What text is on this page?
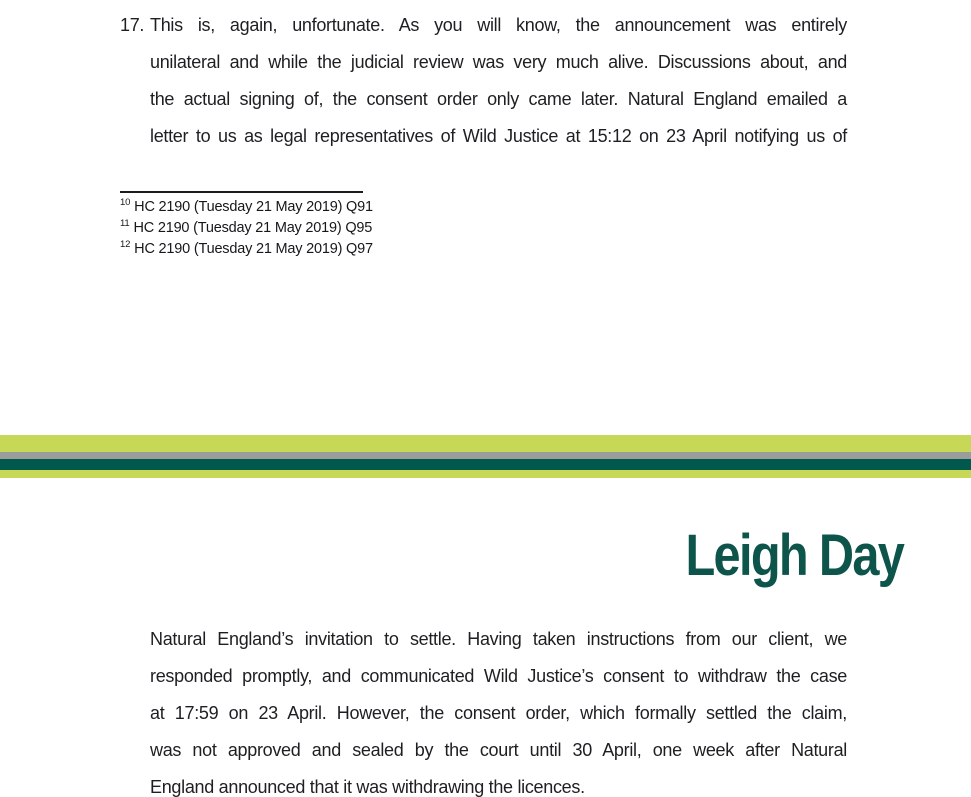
17. This is, again, unfortunate. As you will know, the announcement was entirely
unilateral and while the judicial review was very much alive. Discussions about, and
the actual signing of, the consent order only came later. Natural England emailed a
letter to us as legal representatives of Wild Justice at 15:12 on 23 April notifying us of
$^{10}$ HC 2190 (Tuesday 21 May 2019) Q91
$^{11}$ HC 2190 (Tuesday 21 May 2019) Q95
$^{12}$ HC 2190 (Tuesday 21 May 2019) Q97
Leigh Day
Natural England’s invitation to settle. Having taken instructions from our client, we
responded promptly, and communicated Wild Justice’s consent to withdraw the case
at 17:59 on 23 April. However, the consent order, which formally settled the claim,
was not approved and sealed by the court until 30 April, one week after Natural
England announced that it was withdrawing the licences.
